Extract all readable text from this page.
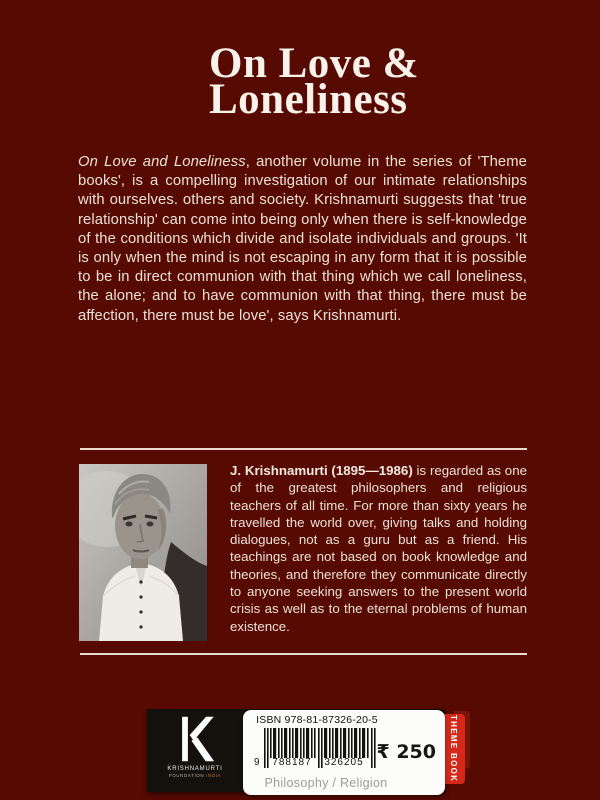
On Love &
Loneliness

On Love and Loneliness, another volume in the series of 'Theme books', is a compelling investigation of our intimate relationships with ourselves. others and society. Krishnamurti suggests that 'true relationship' can come into being only when there is self-knowledge of the conditions which divide and isolate individuals and groups. 'It is only when the mind is not escaping in any form that it is possible to be in direct communion with that thing which we call loneliness, the alone; and to have communion with that thing, there must be affection, there must be love', says Krishnamurti.

J. Krishnamurti (1895—1986) is regarded as one of the greatest philosophers and religious teachers of all time. For more than sixty years he travelled the world over, giving talks and holding dialogues, not as a guru but as a friend. His teachings are not based on book knowledge and theories, and therefore they communicate directly to anyone seeking answers to the present world crisis as well as to the eternal problems of human existence.

KRISHNAMURTI
FOUNDATION INDIA	THEME BOOK
ISBN 978-81-87326-20-5
9	788187	326205 ₹ 250
Philosophy / Religion
